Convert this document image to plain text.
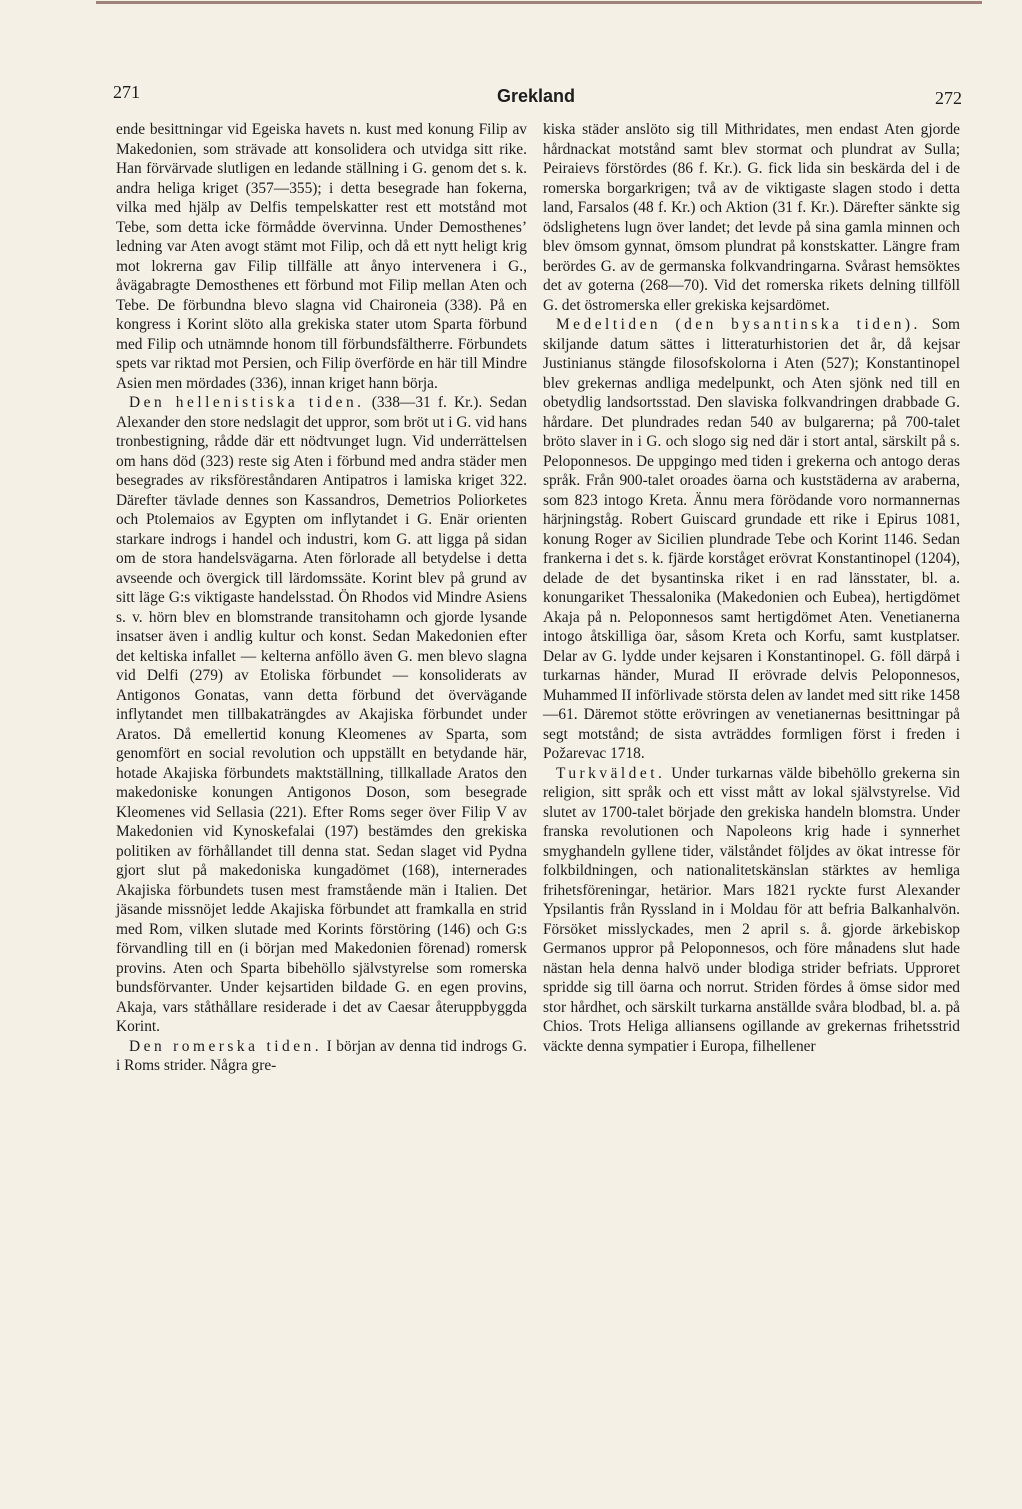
271	Grekland	272

ende besittningar vid Egeiska havets n. kust med konung Filip av Makedonien, som strävade att konsolidera och utvidga sitt rike. Han förvärvade slutligen en ledande ställning i G. genom det s. k. andra heliga kriget (357—355); i detta besegrade han fokerna, vilka med hjälp av Delfis tempelskatter rest ett motstånd mot Tebe, som detta icke förmådde övervinna. Under Demosthenes’ ledning var Aten avogt stämt mot Filip, och då ett nytt heligt krig mot lokrerna gav Filip tillfälle att ånyo intervenera i G., åvägabragte Demosthenes ett förbund mot Filip mellan Aten och Tebe. De förbundna blevo slagna vid Chaironeia (338). På en kongress i Korint slöto alla grekiska stater utom Sparta förbund med Filip och utnämnde honom till förbundsfältherre. Förbundets spets var riktad mot Persien, och Filip överförde en här till Mindre Asien men mördades (336), innan kriget hann börja.

Den hellenistiska tiden. (338—31 f. Kr.). Sedan Alexander den store nedslagit det uppror, som bröt ut i G. vid hans tronbestigning, rådde där ett nödtvunget lugn. Vid underrättelsen om hans död (323) reste sig Aten i förbund med andra städer men besegrades av riksföreståndaren Antipatros i lamiska kriget 322. Därefter tävlade dennes son Kassandros, Demetrios Poliorketes och Ptolemaios av Egypten om inflytandet i G. Enär orienten starkare indrogs i handel och industri, kom G. att ligga på sidan om de stora handelsvägarna. Aten förlorade all betydelse i detta avseende och övergick till lärdomssäte. Korint blev på grund av sitt läge G:s viktigaste handelsstad. Ön Rhodos vid Mindre Asiens s. v. hörn blev en blomstrande transitohamn och gjorde lysande insatser även i andlig kultur och konst. Sedan Makedonien efter det keltiska infallet — kelterna anföllo även G. men blevo slagna vid Delfi (279) av Etoliska förbundet — konsoliderats av Antigonos Gonatas, vann detta förbund det övervägande inflytandet men tillbakaträngdes av Akajiska förbundet under Aratos. Då emellertid konung Kleomenes av Sparta, som genomfört en social revolution och uppställt en betydande här, hotade Akajiska förbundets maktställning, tillkallade Aratos den makedoniske konungen Antigonos Doson, som besegrade Kleomenes vid Sellasia (221). Efter Roms seger över Filip V av Makedonien vid Kynoskefalai (197) bestämdes den grekiska politiken av förhållandet till denna stat. Sedan slaget vid Pydna gjort slut på makedoniska kungadömet (168), internerades Akajiska förbundets tusen mest framstående män i Italien. Det jäsande missnöjet ledde Akajiska förbundet att framkalla en strid med Rom, vilken slutade med Korints förstöring (146) och G:s förvandling till en (i början med Makedonien förenad) romersk provins. Aten och Sparta bibehöllo självstyrelse som romerska bundsförvanter. Under kejsartiden bildade G. en egen provins, Akaja, vars ståthållare residerade i det av Caesar återuppbyggda Korint.

Den romerska tiden. I början av denna tid indrogs G. i Roms strider. Några gre-

kiska städer anslöto sig till Mithridates, men endast Aten gjorde hårdnackat motstånd samt blev stormat och plundrat av Sulla; Peiraievs förstördes (86 f. Kr.). G. fick lida sin beskärda del i de romerska borgarkrigen; två av de viktigaste slagen stodo i detta land, Farsalos (48 f. Kr.) och Aktion (31 f. Kr.). Därefter sänkte sig ödslighetens lugn över landet; det levde på sina gamla minnen och blev ömsom gynnat, ömsom plundrat på konstskatter. Längre fram berördes G. av de germanska folkvandringarna. Svårast hemsöktes det av goterna (268—70). Vid det romerska rikets delning tillföll G. det östromerska eller grekiska kejsardömet.

Medeltiden (den bysantinska tiden). Som skiljande datum sättes i litteraturhistorien det år, då kejsar Justinianus stängde filosofskolorna i Aten (527); Konstantinopel blev grekernas andliga medelpunkt, och Aten sjönk ned till en obetydlig landsortsstad. Den slaviska folkvandringen drabbade G. hårdare. Det plundrades redan 540 av bulgarerna; på 700-talet bröto slaver in i G. och slogo sig ned där i stort antal, särskilt på s. Peloponnesos. De uppgingo med tiden i grekerna och antogo deras språk. Från 900-talet oroades öarna och kuststäderna av araberna, som 823 intogo Kreta. Ännu mera förödande voro normannernas härjningståg. Robert Guiscard grundade ett rike i Epirus 1081, konung Roger av Sicilien plundrade Tebe och Korint 1146. Sedan frankerna i det s. k. fjärde korståget erövrat Konstantinopel (1204), delade de det bysantinska riket i en rad länsstater, bl. a. konungariket Thessalonika (Makedonien och Eubea), hertigdömet Akaja på n. Peloponnesos samt hertigdömet Aten. Venetianerna intogo åtskilliga öar, såsom Kreta och Korfu, samt kustplatser. Delar av G. lydde under kejsaren i Konstantinopel. G. föll därpå i turkarnas händer, Murad II erövrade delvis Peloponnesos, Muhammed II införlivade största delen av landet med sitt rike 1458—61. Däremot stötte erövringen av venetianernas besittningar på segt motstånd; de sista avträddes formligen först i freden i Požarevac 1718.

Turkväldet. Under turkarnas välde bibehöllo grekerna sin religion, sitt språk och ett visst mått av lokal självstyrelse. Vid slutet av 1700-talet började den grekiska handeln blomstra. Under franska revolutionen och Napoleons krig hade i synnerhet smyghandeln gyllene tider, välståndet följdes av ökat intresse för folkbildningen, och nationalitetskänslan stärktes av hemliga frihetsföreningar, hetärior. Mars 1821 ryckte furst Alexander Ypsilantis från Ryssland in i Moldau för att befria Balkanhalvön. Försöket misslyckades, men 2 april s. å. gjorde ärkebiskop Germanos uppror på Peloponnesos, och före månadens slut hade nästan hela denna halvö under blodiga strider befriats. Upproret spridde sig till öarna och norrut. Striden fördes å ömse sidor med stor hårdhet, och särskilt turkarna anställde svåra blodbad, bl. a. på Chios. Trots Heliga alliansens ogillande av grekernas frihetsstrid väckte denna sympatier i Europa, filhellener
